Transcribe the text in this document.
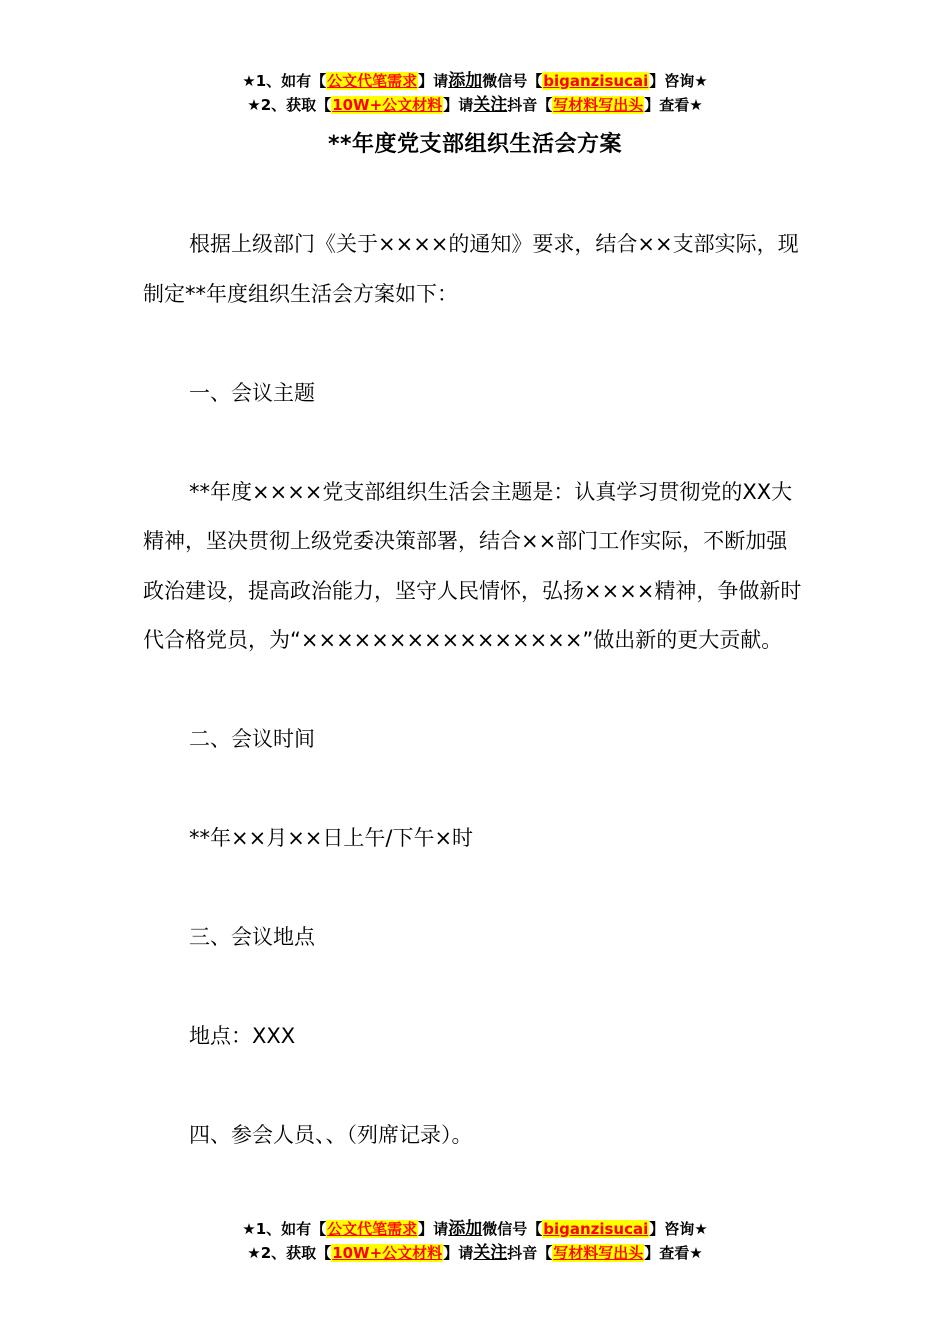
★1、如有【公文代笔需求】请添加微信号【biganzisucai】咨询★
★2、获取【10W+公文材料】请关注抖音【写材料写出头】查看★
**年度党支部组织生活会方案

根据上级部门《关于××××的通知》要求，结合××支部实际，现制定**年度组织生活会方案如下：

一、会议主题

**年度××××党支部组织生活会主题是：认真学习贯彻党的XX大精神，坚决贯彻上级党委决策部署，结合××部门工作实际，不断加强政治建设，提高政治能力，坚守人民情怀，弘扬××××精神，争做新时代合格党员，为“××××××××××××××××”做出新的更大贡献。

二、会议时间

**年××月××日上午/下午×时

三、会议地点

地点：XXX

四、参会人员、、（列席记录）。

★1、如有【公文代笔需求】请添加微信号【biganzisucai】咨询★
★2、获取【10W+公文材料】请关注抖音【写材料写出头】查看★
